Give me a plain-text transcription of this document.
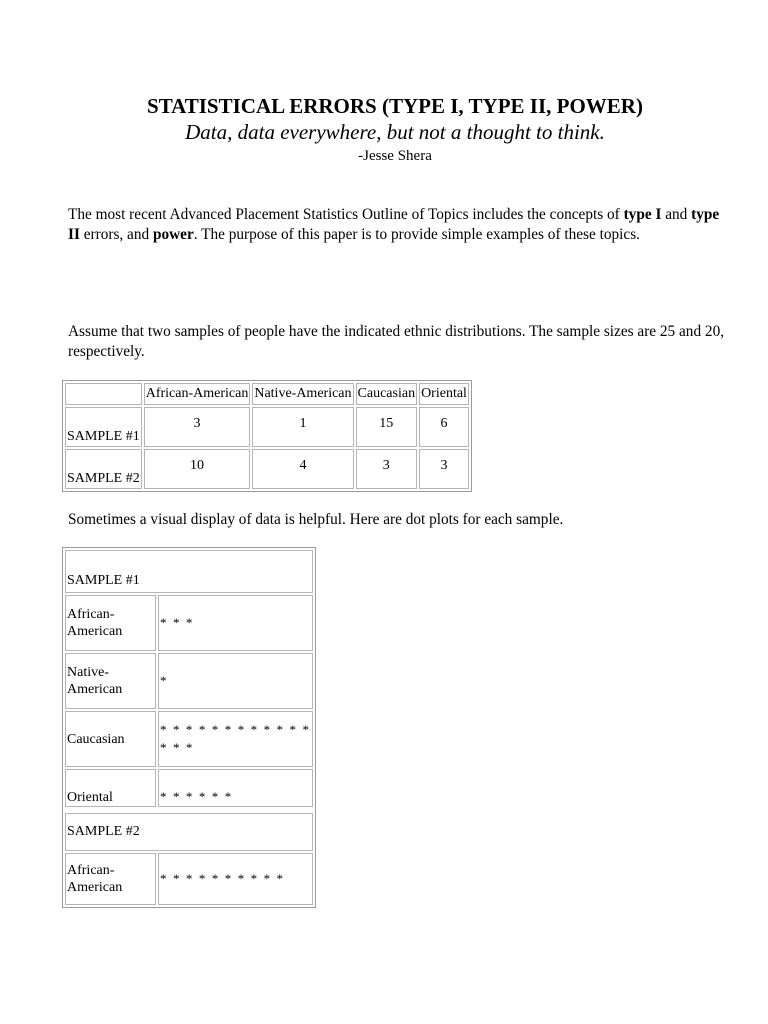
STATISTICAL ERRORS (TYPE I, TYPE II, POWER)

Data, data everywhere, but not a thought to think.

-Jesse Shera

The most recent Advanced Placement Statistics Outline of Topics includes the concepts of type I and type II errors, and power. The purpose of this paper is to provide simple examples of these topics.

Assume that two samples of people have the indicated ethnic distributions. The sample sizes are 25 and 20, respectively.

	African-American	Native-American	Caucasian	Oriental
SAMPLE #1	3	1	15	6
SAMPLE #2	10	4	3	3

Sometimes a visual display of data is helpful. Here are dot plots for each sample.

SAMPLE #1	
African-American	* * *
Native-American	*
Caucasian	* * * * * * * * * * * * * * *
Oriental	* * * * * *

SAMPLE #2	
African-American	* * * * * * * * * *
